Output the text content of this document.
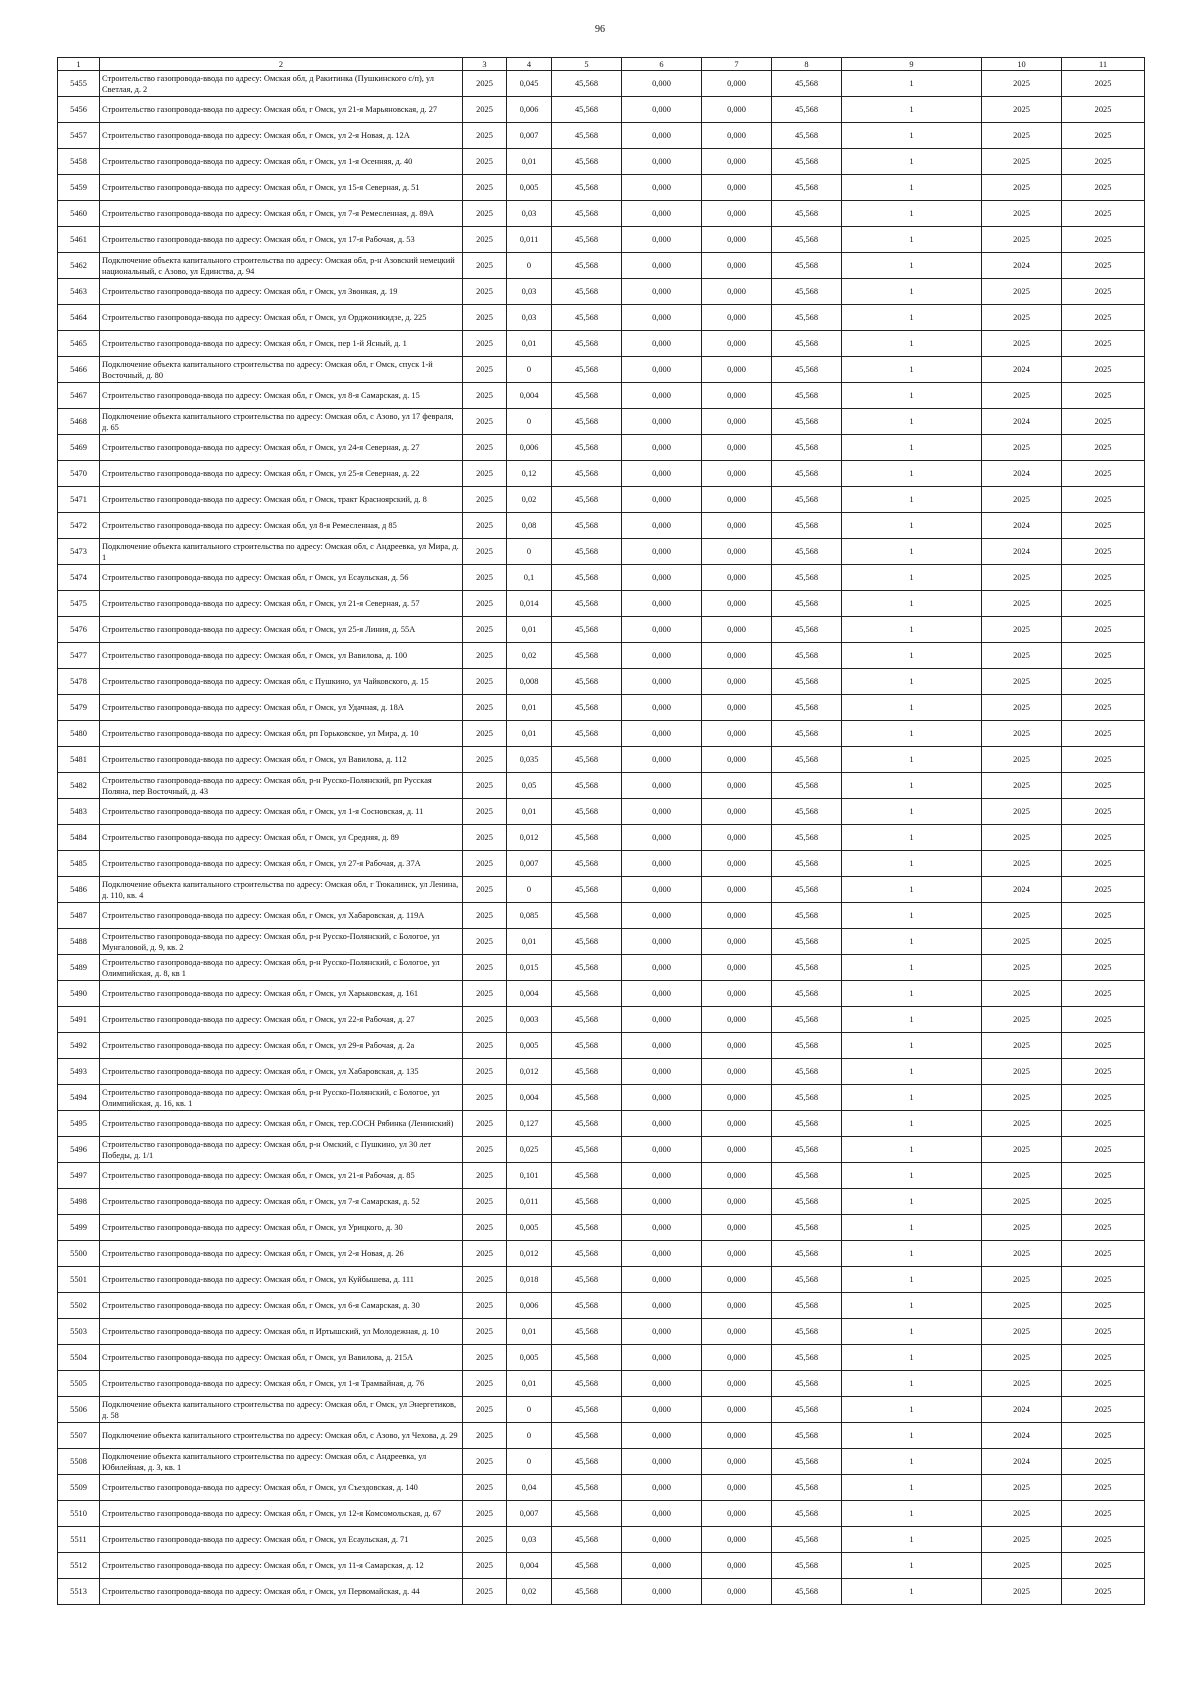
96
1	2	3	4	5	6	7	8	9	10	11
5455	Строительство газопровода-ввода по адресу: Омская обл, д Ракитинка (Пушкинского с/п), ул Светлая, д. 2	2025	0,045	45,568	0,000	0,000	45,568	1	2025	2025
5456	Строительство газопровода-ввода по адресу: Омская обл, г Омск, ул 21-я Марьяновская, д. 27	2025	0,006	45,568	0,000	0,000	45,568	1	2025	2025
5457	Строительство газопровода-ввода по адресу: Омская обл, г Омск, ул 2-я Новая, д. 12А	2025	0,007	45,568	0,000	0,000	45,568	1	2025	2025
5458	Строительство газопровода-ввода по адресу: Омская обл, г Омск, ул 1-я Осенняя, д. 40	2025	0,01	45,568	0,000	0,000	45,568	1	2025	2025
5459	Строительство газопровода-ввода по адресу: Омская обл, г Омск, ул 15-я Северная, д. 51	2025	0,005	45,568	0,000	0,000	45,568	1	2025	2025
5460	Строительство газопровода-ввода по адресу: Омская обл, г Омск, ул 7-я Ремесленная, д. 89А	2025	0,03	45,568	0,000	0,000	45,568	1	2025	2025
5461	Строительство газопровода-ввода по адресу: Омская обл, г Омск, ул 17-я Рабочая, д. 53	2025	0,011	45,568	0,000	0,000	45,568	1	2025	2025
5462	Подключение объекта капитального строительства по адресу: Омская обл, р-н Азовский немецкий национальный, с Азово, ул Единства, д. 94	2025	0	45,568	0,000	0,000	45,568	1	2024	2025
5463	Строительство газопровода-ввода по адресу: Омская обл, г Омск, ул Звонкая, д. 19	2025	0,03	45,568	0,000	0,000	45,568	1	2025	2025
5464	Строительство газопровода-ввода по адресу: Омская обл, г Омск, ул Орджоникидзе, д. 225	2025	0,03	45,568	0,000	0,000	45,568	1	2025	2025
5465	Строительство газопровода-ввода по адресу: Омская обл, г Омск, пер 1-й Ясный, д. 1	2025	0,01	45,568	0,000	0,000	45,568	1	2025	2025
5466	Подключение объекта капитального строительства по адресу: Омская обл, г Омск, спуск 1-й Восточный, д. 80	2025	0	45,568	0,000	0,000	45,568	1	2024	2025
5467	Строительство газопровода-ввода по адресу: Омская обл, г Омск, ул 8-я Самарская, д. 15	2025	0,004	45,568	0,000	0,000	45,568	1	2025	2025
5468	Подключение объекта капитального строительства по адресу: Омская обл, с Азово, ул 17 февраля, д. 65	2025	0	45,568	0,000	0,000	45,568	1	2024	2025
5469	Строительство газопровода-ввода по адресу: Омская обл, г Омск, ул 24-я Северная, д. 27	2025	0,006	45,568	0,000	0,000	45,568	1	2025	2025
5470	Строительство газопровода-ввода по адресу: Омская обл, г Омск, ул 25-я Северная, д. 22	2025	0,12	45,568	0,000	0,000	45,568	1	2024	2025
5471	Строительство газопровода-ввода по адресу: Омская обл, г Омск, тракт Красноярский, д. 8	2025	0,02	45,568	0,000	0,000	45,568	1	2025	2025
5472	Строительство газопровода-ввода по адресу: Омская обл, ул 8-я Ремесленная, д 85	2025	0,08	45,568	0,000	0,000	45,568	1	2024	2025
5473	Подключение объекта капитального строительства по адресу: Омская обл, с Андреевка, ул Мира, д. 1	2025	0	45,568	0,000	0,000	45,568	1	2024	2025
5474	Строительство газопровода-ввода по адресу: Омская обл, г Омск, ул Есаульская, д. 56	2025	0,1	45,568	0,000	0,000	45,568	1	2025	2025
5475	Строительство газопровода-ввода по адресу: Омская обл, г Омск, ул 21-я Северная, д. 57	2025	0,014	45,568	0,000	0,000	45,568	1	2025	2025
5476	Строительство газопровода-ввода по адресу: Омская обл, г Омск, ул 25-я Линия, д. 55А	2025	0,01	45,568	0,000	0,000	45,568	1	2025	2025
5477	Строительство газопровода-ввода по адресу: Омская обл, г Омск, ул Вавилова, д. 100	2025	0,02	45,568	0,000	0,000	45,568	1	2025	2025
5478	Строительство газопровода-ввода по адресу: Омская обл, с Пушкино, ул Чайковского, д. 15	2025	0,008	45,568	0,000	0,000	45,568	1	2025	2025
5479	Строительство газопровода-ввода по адресу: Омская обл, г Омск, ул Удачная, д. 18А	2025	0,01	45,568	0,000	0,000	45,568	1	2025	2025
5480	Строительство газопровода-ввода по адресу: Омская обл, рп Горьковское, ул Мира, д. 10	2025	0,01	45,568	0,000	0,000	45,568	1	2025	2025
5481	Строительство газопровода-ввода по адресу: Омская обл, г Омск, ул Вавилова, д. 112	2025	0,035	45,568	0,000	0,000	45,568	1	2025	2025
5482	Строительство газопровода-ввода по адресу: Омская обл, р-н Русско-Полянский, рп Русская Поляна, пер Восточный, д. 43	2025	0,05	45,568	0,000	0,000	45,568	1	2025	2025
5483	Строительство газопровода-ввода по адресу: Омская обл, г Омск, ул 1-я Сосновская, д. 11	2025	0,01	45,568	0,000	0,000	45,568	1	2025	2025
5484	Строительство газопровода-ввода по адресу: Омская обл, г Омск, ул Средняя, д. 89	2025	0,012	45,568	0,000	0,000	45,568	1	2025	2025
5485	Строительство газопровода-ввода по адресу: Омская обл, г Омск, ул 27-я Рабочая, д. 37А	2025	0,007	45,568	0,000	0,000	45,568	1	2025	2025
5486	Подключение объекта капитального строительства по адресу: Омская обл, г Тюкалинск, ул Ленина, д. 110, кв. 4	2025	0	45,568	0,000	0,000	45,568	1	2024	2025
5487	Строительство газопровода-ввода по адресу: Омская обл, г Омск, ул Хабаровская, д. 119А	2025	0,085	45,568	0,000	0,000	45,568	1	2025	2025
5488	Строительство газопровода-ввода по адресу: Омская обл, р-н Русско-Полянский, с Бологое, ул Мунгаловой, д. 9, кв. 2	2025	0,01	45,568	0,000	0,000	45,568	1	2025	2025
5489	Строительство газопровода-ввода по адресу: Омская обл, р-н Русско-Полянский, с Бологое, ул Олимпийская, д. 8, кв 1	2025	0,015	45,568	0,000	0,000	45,568	1	2025	2025
5490	Строительство газопровода-ввода по адресу: Омская обл, г Омск, ул Харьковская, д. 161	2025	0,004	45,568	0,000	0,000	45,568	1	2025	2025
5491	Строительство газопровода-ввода по адресу: Омская обл, г Омск, ул 22-я Рабочая, д. 27	2025	0,003	45,568	0,000	0,000	45,568	1	2025	2025
5492	Строительство газопровода-ввода по адресу: Омская обл, г Омск, ул 29-я Рабочая, д. 2а	2025	0,005	45,568	0,000	0,000	45,568	1	2025	2025
5493	Строительство газопровода-ввода по адресу: Омская обл, г Омск, ул Хабаровская, д. 135	2025	0,012	45,568	0,000	0,000	45,568	1	2025	2025
5494	Строительство газопровода-ввода по адресу: Омская обл, р-н Русско-Полянский, с Бологое, ул Олимпийская, д. 16, кв. 1	2025	0,004	45,568	0,000	0,000	45,568	1	2025	2025
5495	Строительство газопровода-ввода по адресу: Омская обл, г Омск, тер.СОСН Рябинка (Ленинский)	2025	0,127	45,568	0,000	0,000	45,568	1	2025	2025
5496	Строительство газопровода-ввода по адресу: Омская обл, р-н Омский, с Пушкино, ул 30 лет Победы, д. 1/1	2025	0,025	45,568	0,000	0,000	45,568	1	2025	2025
5497	Строительство газопровода-ввода по адресу: Омская обл, г Омск, ул 21-я Рабочая, д. 85	2025	0,101	45,568	0,000	0,000	45,568	1	2025	2025
5498	Строительство газопровода-ввода по адресу: Омская обл, г Омск, ул 7-я Самарская, д. 52	2025	0,011	45,568	0,000	0,000	45,568	1	2025	2025
5499	Строительство газопровода-ввода по адресу: Омская обл, г Омск, ул Урицкого, д. 30	2025	0,005	45,568	0,000	0,000	45,568	1	2025	2025
5500	Строительство газопровода-ввода по адресу: Омская обл, г Омск, ул 2-я Новая, д. 26	2025	0,012	45,568	0,000	0,000	45,568	1	2025	2025
5501	Строительство газопровода-ввода по адресу: Омская обл, г Омск, ул Куйбышева, д. 111	2025	0,018	45,568	0,000	0,000	45,568	1	2025	2025
5502	Строительство газопровода-ввода по адресу: Омская обл, г Омск, ул 6-я Самарская, д. 30	2025	0,006	45,568	0,000	0,000	45,568	1	2025	2025
5503	Строительство газопровода-ввода по адресу: Омская обл, п Иртышский, ул Молодежная, д. 10	2025	0,01	45,568	0,000	0,000	45,568	1	2025	2025
5504	Строительство газопровода-ввода по адресу: Омская обл, г Омск, ул Вавилова, д. 215А	2025	0,005	45,568	0,000	0,000	45,568	1	2025	2025
5505	Строительство газопровода-ввода по адресу: Омская обл, г Омск, ул 1-я Трамвайная, д. 76	2025	0,01	45,568	0,000	0,000	45,568	1	2025	2025
5506	Подключение объекта капитального строительства по адресу: Омская обл, г Омск, ул Энергетиков, д. 58	2025	0	45,568	0,000	0,000	45,568	1	2024	2025
5507	Подключение объекта капитального строительства по адресу: Омская обл, с Азово, ул Чехова, д. 29	2025	0	45,568	0,000	0,000	45,568	1	2024	2025
5508	Подключение объекта капитального строительства по адресу: Омская обл, с Андреевка, ул Юбилейная, д. 3, кв. 1	2025	0	45,568	0,000	0,000	45,568	1	2024	2025
5509	Строительство газопровода-ввода по адресу: Омская обл, г Омск, ул Съездовская, д. 140	2025	0,04	45,568	0,000	0,000	45,568	1	2025	2025
5510	Строительство газопровода-ввода по адресу: Омская обл, г Омск, ул 12-я Комсомольская, д. 67	2025	0,007	45,568	0,000	0,000	45,568	1	2025	2025
5511	Строительство газопровода-ввода по адресу: Омская обл, г Омск, ул Есаульская, д. 71	2025	0,03	45,568	0,000	0,000	45,568	1	2025	2025
5512	Строительство газопровода-ввода по адресу: Омская обл, г Омск, ул 11-я Самарская, д. 12	2025	0,004	45,568	0,000	0,000	45,568	1	2025	2025
5513	Строительство газопровода-ввода по адресу: Омская обл, г Омск, ул Первомайская, д. 44	2025	0,02	45,568	0,000	0,000	45,568	1	2025	2025
